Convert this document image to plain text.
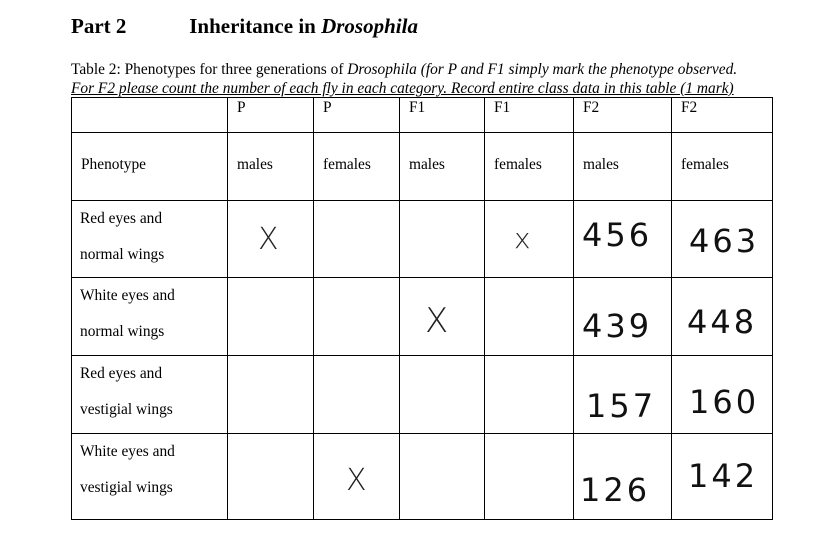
Part 2	Inheritance in Drosophila
Table 2: Phenotypes for three generations of Drosophila (for P and F1 simply mark the phenotype observed.
For F2 please count the number of each fly in each category. Record entire class data in this table (1 mark)
	P	P	F1	F1	F2	F2
Phenotype	males	females	males	females	males	females

Red eyes and
normal wings	X			x	456	463

White eyes and
normal wings			X		439	448

Red eyes and
vestigial wings					157	160

White eyes and
vestigial wings		X			126	142
